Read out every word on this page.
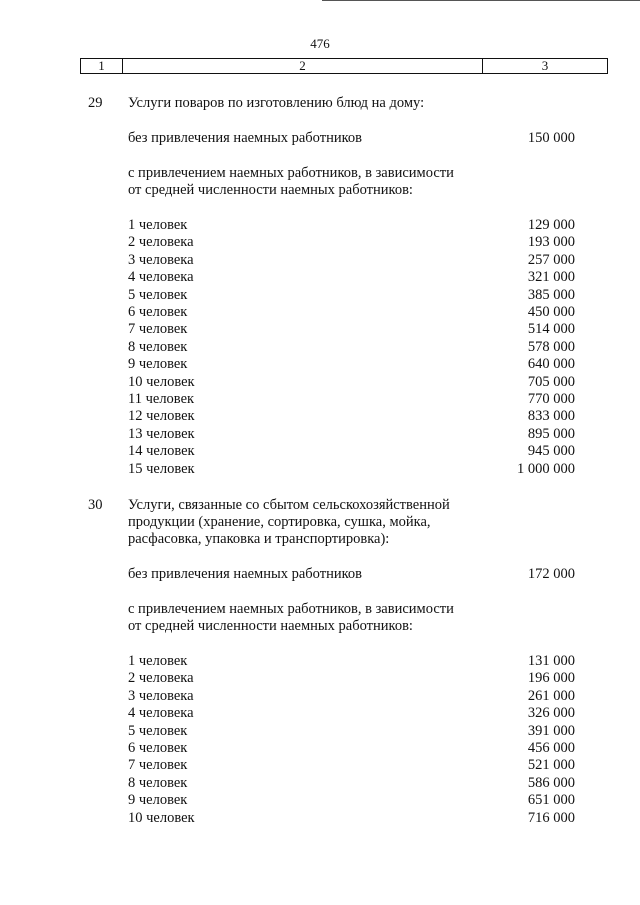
476
1	2	3
29 Услуги поваров по изготовлению блюд на дому:
без привлечения наемных работников	150 000
с привлечением наемных работников, в зависимости
от средней численности наемных работников:
1 человек	129 000
2 человека	193 000
3 человека	257 000
4 человека	321 000
5 человек	385 000
6 человек	450 000
7 человек	514 000
8 человек	578 000
9 человек	640 000
10 человек	705 000
11 человек	770 000
12 человек	833 000
13 человек	895 000
14 человек	945 000
15 человек	1 000 000
30 Услуги, связанные со сбытом сельскохозяйственной
продукции (хранение, сортировка, сушка, мойка,
расфасовка, упаковка и транспортировка):
без привлечения наемных работников	172 000
с привлечением наемных работников, в зависимости
от средней численности наемных работников:
1 человек	131 000
2 человека	196 000
3 человека	261 000
4 человека	326 000
5 человек	391 000
6 человек	456 000
7 человек	521 000
8 человек	586 000
9 человек	651 000
10 человек	716 000
